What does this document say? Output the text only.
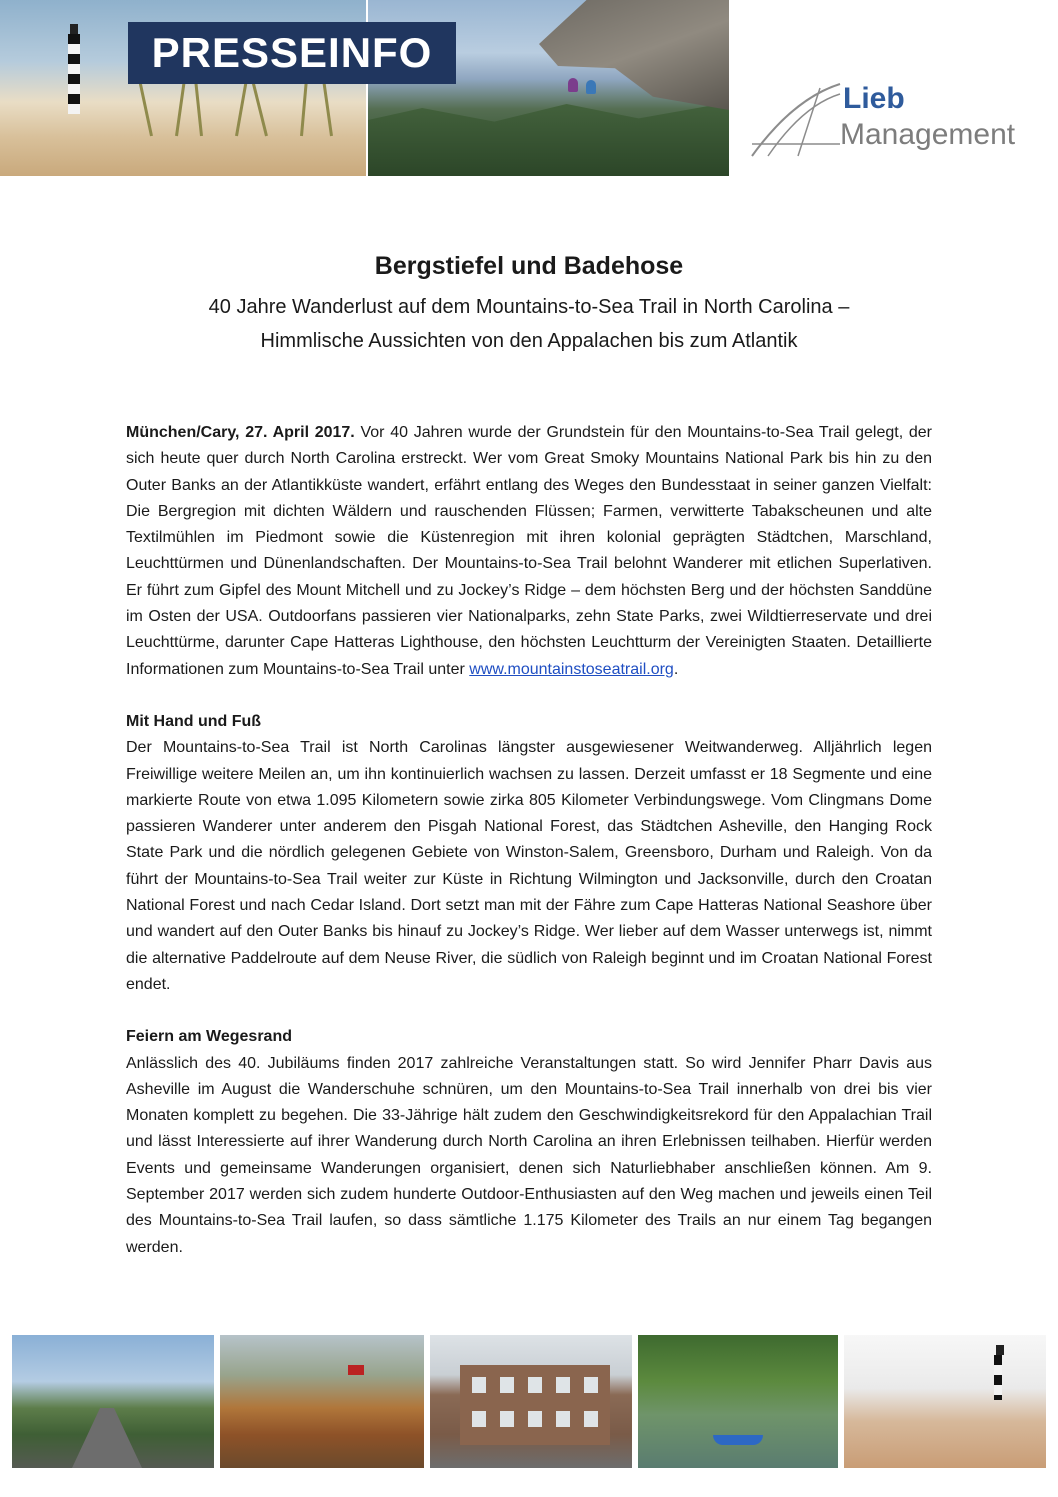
PRESSEINFO
Lieb
Management
Bergstiefel und Badehose
40 Jahre Wanderlust auf dem Mountains-to-Sea Trail in North Carolina –
Himmlische Aussichten von den Appalachen bis zum Atlantik

München/Cary, 27. April 2017. Vor 40 Jahren wurde der Grundstein für den Mountains-to-Sea Trail gelegt, der sich heute quer durch North Carolina erstreckt. Wer vom Great Smoky Mountains National Park bis hin zu den Outer Banks an der Atlantikküste wandert, erfährt entlang des Weges den Bundesstaat in seiner ganzen Vielfalt: Die Bergregion mit dichten Wäldern und rauschenden Flüssen; Farmen, verwitterte Tabakscheunen und alte Textilmühlen im Piedmont sowie die Küstenregion mit ihren kolonial geprägten Städtchen, Marschland, Leuchttürmen und Dünenlandschaften. Der Mountains-to-Sea Trail belohnt Wanderer mit etlichen Superlativen. Er führt zum Gipfel des Mount Mitchell und zu Jockey’s Ridge – dem höchsten Berg und der höchsten Sanddüne im Osten der USA. Outdoorfans passieren vier Nationalparks, zehn State Parks, zwei Wildtierreservate und drei Leuchttürme, darunter Cape Hatteras Lighthouse, den höchsten Leuchtturm der Vereinigten Staaten. Detaillierte Informationen zum Mountains-to-Sea Trail unter www.mountainstoseatrail.org.

Mit Hand und Fuß

Der Mountains-to-Sea Trail ist North Carolinas längster ausgewiesener Weitwanderweg. Alljährlich legen Freiwillige weitere Meilen an, um ihn kontinuierlich wachsen zu lassen. Derzeit umfasst er 18 Segmente und eine markierte Route von etwa 1.095 Kilometern sowie zirka 805 Kilometer Verbindungswege. Vom Clingmans Dome passieren Wanderer unter anderem den Pisgah National Forest, das Städtchen Asheville, den Hanging Rock State Park und die nördlich gelegenen Gebiete von Winston-Salem, Greensboro, Durham und Raleigh. Von da führt der Mountains-to-Sea Trail weiter zur Küste in Richtung Wilmington und Jacksonville, durch den Croatan National Forest und nach Cedar Island. Dort setzt man mit der Fähre zum Cape Hatteras National Seashore über und wandert auf den Outer Banks bis hinauf zu Jockey’s Ridge. Wer lieber auf dem Wasser unterwegs ist, nimmt die alternative Paddelroute auf dem Neuse River, die südlich von Raleigh beginnt und im Croatan National Forest endet.

Feiern am Wegesrand

Anlässlich des 40. Jubiläums finden 2017 zahlreiche Veranstaltungen statt. So wird Jennifer Pharr Davis aus Asheville im August die Wanderschuhe schnüren, um den Mountains-to-Sea Trail innerhalb von drei bis vier Monaten komplett zu begehen. Die 33-Jährige hält zudem den Geschwindigkeitsrekord für den Appalachian Trail und lässt Interessierte auf ihrer Wanderung durch North Carolina an ihren Erlebnissen teilhaben. Hierfür werden Events und gemeinsame Wanderungen organisiert, denen sich Naturliebhaber anschließen können. Am 9. September 2017 werden sich zudem hunderte Outdoor-Enthusiasten auf den Weg machen und jeweils einen Teil des Mountains-to-Sea Trail laufen, so dass sämtliche 1.175 Kilometer des Trails an nur einem Tag begangen werden.
